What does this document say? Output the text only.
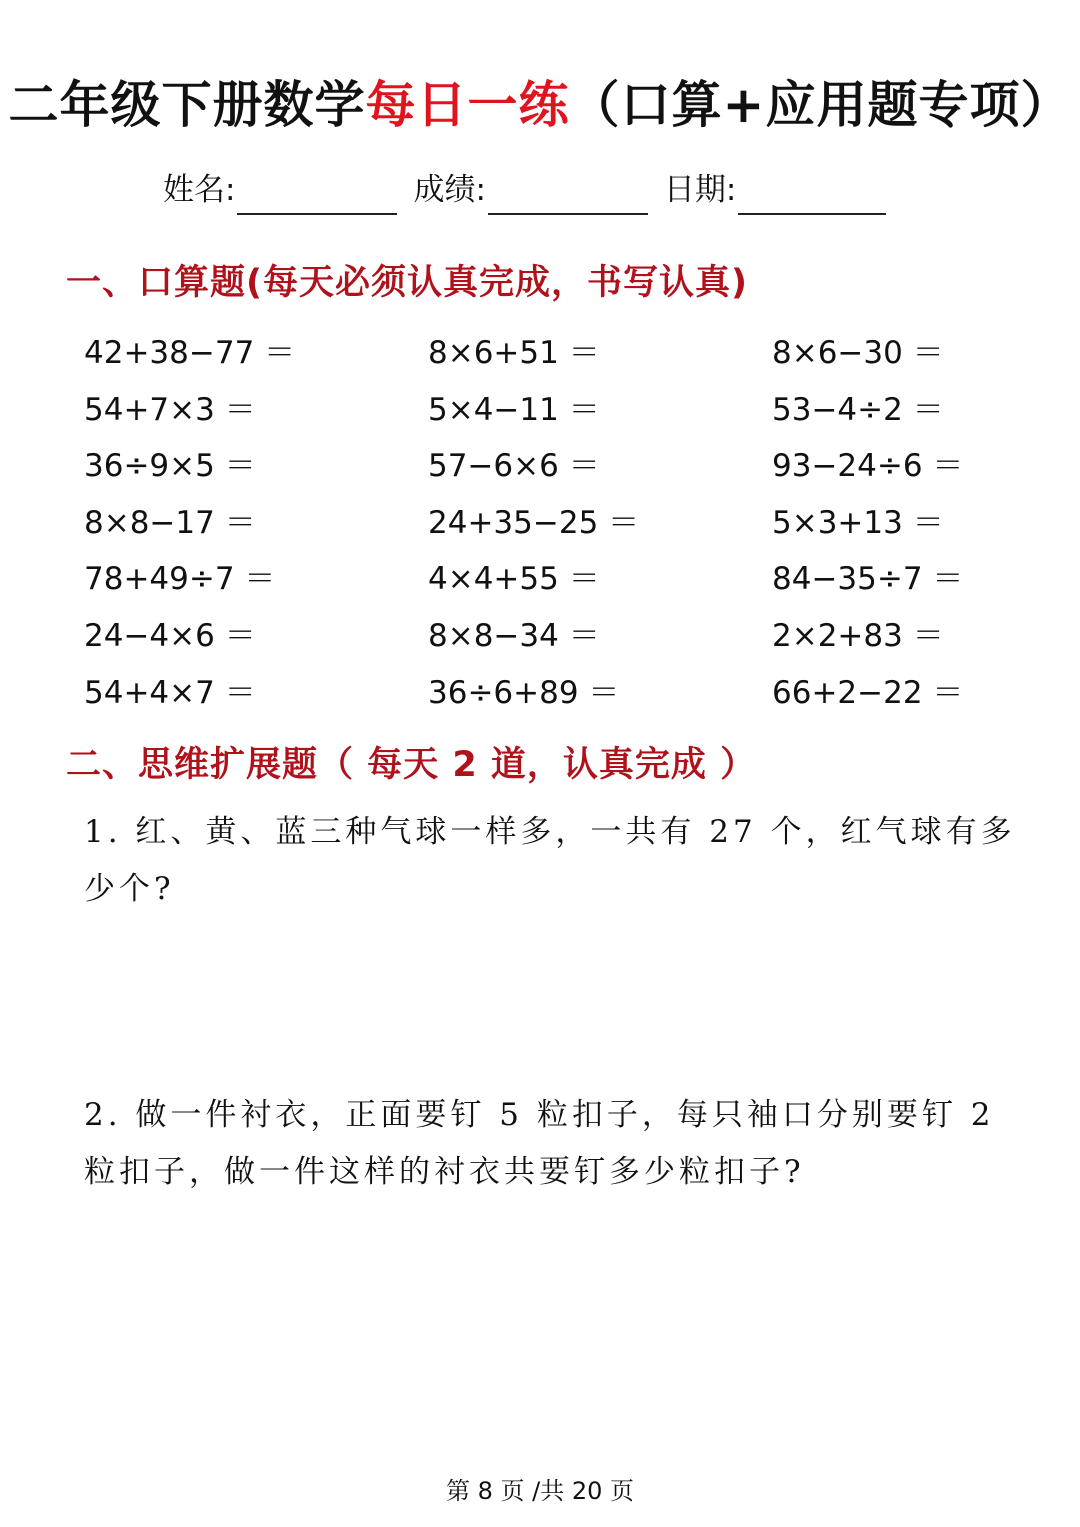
二年级下册数学每日一练（口算+应用题专项）
姓名:	成绩:	日期:
一、口算题(每天必须认真完成，书写认真)
42+38−77 ＝	8×6+51 ＝	8×6−30 ＝
54+7×3 ＝	5×4−11 ＝	53−4÷2 ＝
36÷9×5 ＝	57−6×6 ＝	93−24÷6 ＝
8×8−17 ＝	24+35−25 ＝	5×3+13 ＝
78+49÷7 ＝	4×4+55 ＝	84−35÷7 ＝
24−4×6 ＝	8×8−34 ＝	2×2+83 ＝
54+4×7 ＝	36÷6+89 ＝	66+2−22 ＝
二、思维扩展题（ 每天 2 道，认真完成 ）
1. 红、黄、蓝三种气球一样多，一共有 27 个，红气球有多少个?
2. 做一件衬衣，正面要钉 5 粒扣子，每只袖口分别要钉 2 粒扣子，做一件这样的衬衣共要钉多少粒扣子?
第 8 页 /共 20 页
